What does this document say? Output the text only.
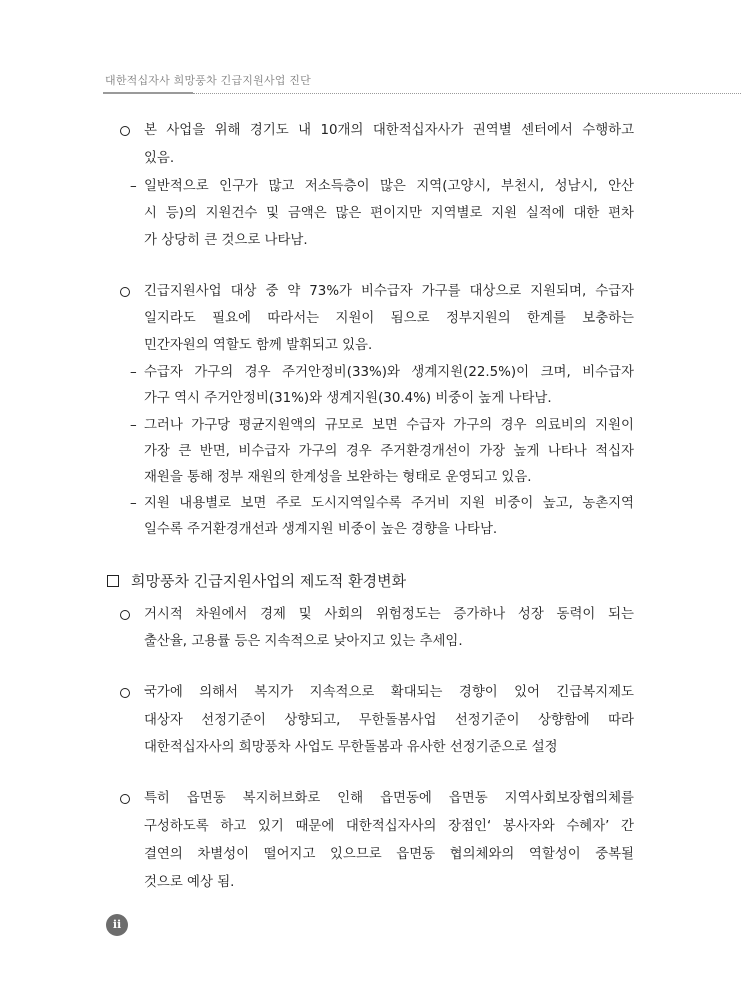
대한적십자사 희망풍차 긴급지원사업 진단
본 사업을 위해 경기도 내 10개의 대한적십자사가 권역별 센터에서 수행하고
있음.
– 일반적으로 인구가 많고 저소득층이 많은 지역(고양시, 부천시, 성남시, 안산
시 등)의 지원건수 및 금액은 많은 편이지만 지역별로 지원 실적에 대한 편차
가 상당히 큰 것으로 나타남.
긴급지원사업 대상 중 약 73%가 비수급자 가구를 대상으로 지원되며, 수급자
일지라도 필요에 따라서는 지원이 됨으로 정부지원의 한계를 보충하는
민간자원의 역할도 함께 발휘되고 있음.
– 수급자 가구의 경우 주거안정비(33%)와 생계지원(22.5%)이 크며, 비수급자
가구 역시 주거안정비(31%)와 생계지원(30.4%) 비중이 높게 나타남.
– 그러나 가구당 평균지원액의 규모로 보면 수급자 가구의 경우 의료비의 지원이
가장 큰 반면, 비수급자 가구의 경우 주거환경개선이 가장 높게 나타나 적십자
재원을 통해 정부 재원의 한계성을 보완하는 형태로 운영되고 있음.
– 지원 내용별로 보면 주로 도시지역일수록 주거비 지원 비중이 높고, 농촌지역
일수록 주거환경개선과 생계지원 비중이 높은 경향을 나타남.
희망풍차 긴급지원사업의 제도적 환경변화
거시적 차원에서 경제 및 사회의 위험정도는 증가하나 성장 동력이 되는
출산율, 고용률 등은 지속적으로 낮아지고 있는 추세임.
국가에 의해서 복지가 지속적으로 확대되는 경향이 있어 긴급복지제도
대상자 선정기준이 상향되고, 무한돌봄사업 선정기준이 상향함에 따라
대한적십자사의 희망풍차 사업도 무한돌봄과 유사한 선정기준으로 설정
특히 읍면동 복지허브화로 인해 읍면동에 읍면동 지역사회보장협의체를
구성하도록 하고 있기 때문에 대한적십자사의 장점인‘ 봉사자와 수혜자’ 간
결연의 차별성이 떨어지고 있으므로 읍면동 협의체와의 역할성이 중복될
것으로 예상 됨.
ii
